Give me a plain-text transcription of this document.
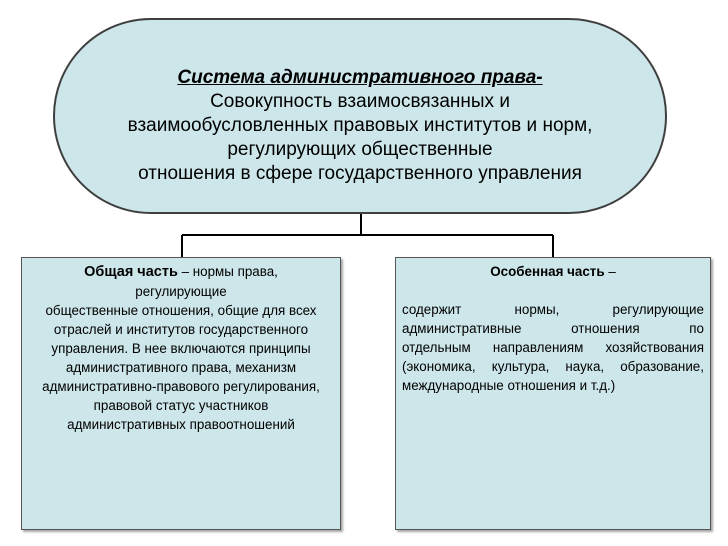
Система административного права-
Совокупность взаимосвязанных и
взаимообусловленных правовых институтов и норм,
регулирующих общественные
отношения в сфере государственного управления
Общая часть – нормы права,
регулирующие
общественные отношения, общие для всех
отраслей и институтов государственного
управления. В нее включаются принципы
административного права, механизм
административно-правового регулирования,
правовой статус участников
административных правоотношений
Особенная часть –
содержит	нормы,	регулирующие
административные	отношения	по
отдельным направлениям хозяйствования
(экономика, культура, наука, образование,
международные
отношения
и
т.д.)
